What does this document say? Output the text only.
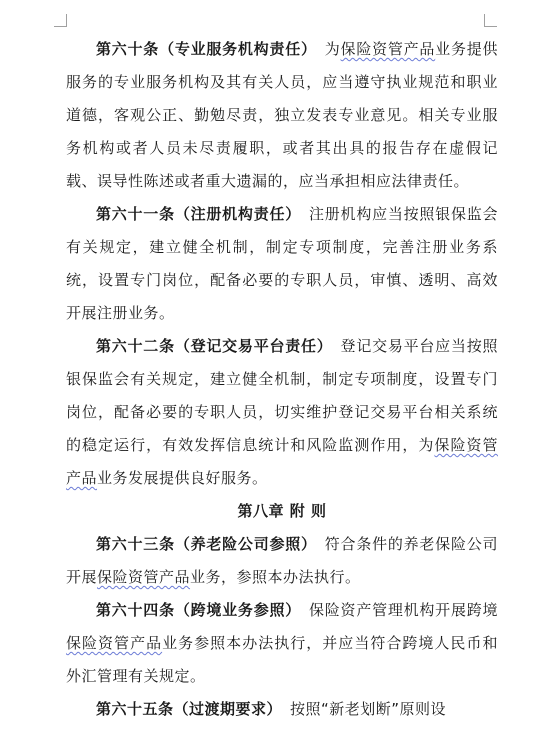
第六十条（专业服务机构责任） 为保险资管产品业务提供服务的专业服务机构及其有关人员，应当遵守执业规范和职业道德，客观公正、勤勉尽责，独立发表专业意见。相关专业服务机构或者人员未尽责履职，或者其出具的报告存在虚假记载、误导性陈述或者重大遗漏的，应当承担相应法律责任。

第六十一条（注册机构责任） 注册机构应当按照银保监会有关规定，建立健全机制，制定专项制度，完善注册业务系统，设置专门岗位，配备必要的专职人员，审慎、透明、高效开展注册业务。

第六十二条（登记交易平台责任） 登记交易平台应当按照银保监会有关规定，建立健全机制，制定专项制度，设置专门岗位，配备必要的专职人员，切实维护登记交易平台相关系统的稳定运行，有效发挥信息统计和风险监测作用，为保险资管产品业务发展提供良好服务。

第八章 附 则

第六十三条（养老险公司参照） 符合条件的养老保险公司开展保险资管产品业务，参照本办法执行。

第六十四条（跨境业务参照） 保险资产管理机构开展跨境保险资管产品业务参照本办法执行，并应当符合跨境人民币和外汇管理有关规定。

第六十五条（过渡期要求） 按照“新老划断”原则设
